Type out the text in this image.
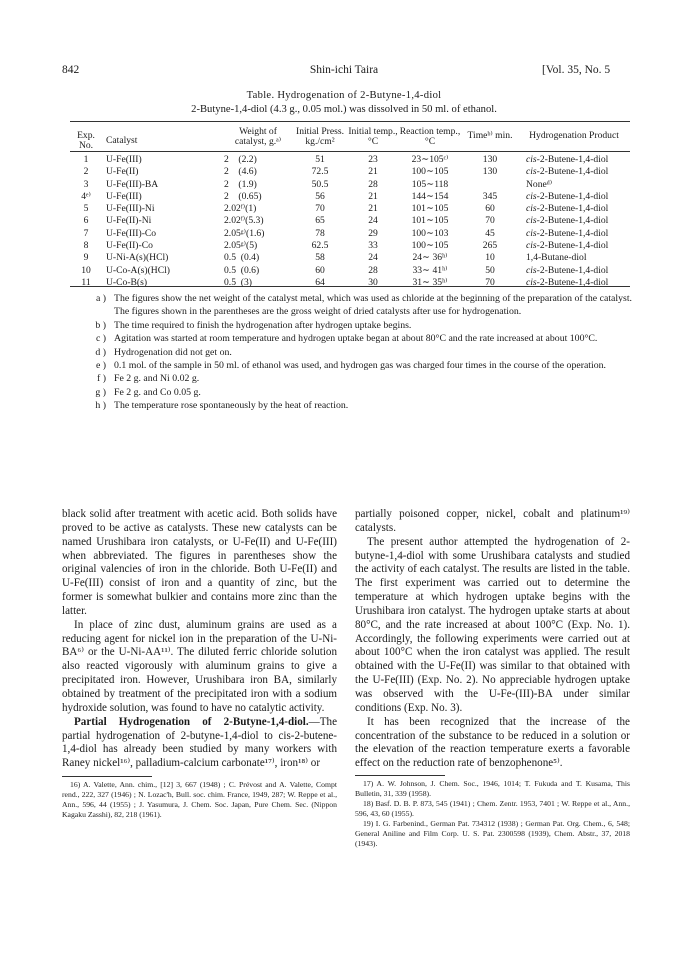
842	Shin-ichi Taira	[Vol. 35, No. 5
Table. Hydrogenation of 2-Butyne-1,4-diol
2-Butyne-1,4-diol (4.3 g., 0.05 mol.) was dissolved in 50 ml. of ethanol.
Exp. No.	Catalyst	Weight of catalyst, g.ᵃ⁾	Initial Press. kg./cm²	Initial temp., °C	Reaction temp., °C	Timeᵇ⁾ min.	Hydrogenation Product

1	U-Fe(III)	2    (2.2)	51	23	23∼105ᶜ⁾	130	cis-2-Butene-1,4-diol
2	U-Fe(II)	2    (4.6)	72.5	21	100∼105	130	cis-2-Butene-1,4-diol
3	U-Fe(III)-BA	2    (1.9)	50.5	28	105∼118		Noneᵈ⁾
4ᵉ⁾	U-Fe(III)	2    (0.65)	56	21	144∼154	345	cis-2-Butene-1,4-diol
5	U-Fe(III)-Ni	2.02ᶠ⁾(1)	70	21	101∼105	60	cis-2-Butene-1,4-diol
6	U-Fe(II)-Ni	2.02ᶠ⁾(5.3)	65	24	101∼105	70	cis-2-Butene-1,4-diol
7	U-Fe(III)-Co	2.05ᵍ⁾(1.6)	78	29	100∼103	45	cis-2-Butene-1,4-diol
8	U-Fe(II)-Co	2.05ᵍ⁾(5)	62.5	33	100∼105	265	cis-2-Butene-1,4-diol
9	U-Ni-A(s)(HCl)	0.5  (0.4)	58	24	24∼ 36ʰ⁾	10	1,4-Butane-diol
10	U-Co-A(s)(HCl)	0.5  (0.6)	60	28	33∼ 41ʰ⁾	50	cis-2-Butene-1,4-diol
11	U-Co-B(s)	0.5  (3)	64	30	31∼ 35ʰ⁾	70	cis-2-Butene-1,4-diol
a ) The figures show the net weight of the catalyst metal, which was used as chloride at the beginning of the preparation of the catalyst. The figures shown in the parentheses are the gross weight of dried catalysts after use for hydrogenation.
b ) The time required to finish the hydrogenation after hydrogen uptake begins.
c ) Agitation was started at room temperature and hydrogen uptake began at about 80°C and the rate increased at about 100°C.
d ) Hydrogenation did not get on.
e ) 0.1 mol. of the sample in 50 ml. of ethanol was used, and hydrogen gas was charged four times in the course of the operation.
f ) Fe 2 g. and Ni 0.02 g.
g ) Fe 2 g. and Co 0.05 g.
h ) The temperature rose spontaneously by the heat of reaction.

black solid after treatment with acetic acid. Both solids have proved to be active as catalysts. These new catalysts can be named Urushibara iron catalysts, or U-Fe(II) and U-Fe(III) when abbreviated. The figures in parentheses show the original valencies of iron in the chloride. Both U-Fe(II) and U-Fe(III) consist of iron and a quantity of zinc, but the former is somewhat bulkier and contains more zinc than the latter.

In place of zinc dust, aluminum grains are used as a reducing agent for nickel ion in the preparation of the U-Ni-BA⁶⁾ or the U-Ni-AA¹¹⁾. The diluted ferric chloride solution also reacted vigorously with aluminum grains to give a precipitated iron. However, Urushibara iron BA, similarly obtained by treatment of the precipitated iron with a sodium hydroxide solution, was found to have no catalytic activity.

Partial Hydrogenation of 2-Butyne-1,4-diol.—The partial hydrogenation of 2-butyne-1,4-diol to cis-2-butene-1,4-diol has already been studied by many workers with Raney nickel¹⁶⁾, palladium-calcium carbonate¹⁷⁾, iron¹⁸⁾ or

16) A. Valette, Ann. chim., [12] 3, 667 (1948) ; C. Prévost and A. Valette, Compt rend., 222, 327 (1946) ; N. Lozac'h, Bull. soc. chim. France, 1949, 287; W. Reppe et al., Ann., 596, 44 (1955) ; J. Yasumura, J. Chem. Soc. Japan, Pure Chem. Sec. (Nippon Kagaku Zasshi), 82, 218 (1961).

partially poisoned copper, nickel, cobalt and platinum¹⁹⁾ catalysts.

The present author attempted the hydrogenation of 2-butyne-1,4-diol with some Urushibara catalysts and studied the activity of each catalyst. The results are listed in the table. The first experiment was carried out to determine the temperature at which hydrogen uptake begins with the Urushibara iron catalyst. The hydrogen uptake starts at about 80°C, and the rate increased at about 100°C (Exp. No. 1). Accordingly, the following experiments were carried out at about 100°C when the iron catalyst was applied. The result obtained with the U-Fe(II) was similar to that obtained with the U-Fe(III) (Exp. No. 2). No appreciable hydrogen uptake was observed with the U-Fe-(III)-BA under similar conditions (Exp. No. 3).

It has been recognized that the increase of the concentration of the substance to be reduced in a solution or the elevation of the reaction temperature exerts a favorable effect on the reduction rate of benzophenone⁵⁾.

17) A. W. Johnson, J. Chem. Soc., 1946, 1014; T. Fukuda and T. Kusama, This Bulletin, 31, 339 (1958).

18) Basf. D. B. P. 873, 545 (1941) ; Chem. Zentr. 1953, 7401 ; W. Reppe et al., Ann., 596, 43, 60 (1955).

19) I. G. Farbenind., German Pat. 734312 (1938) ; German Pat. Org. Chem., 6, 548; General Aniline and Film Corp. U. S. Pat. 2300598 (1939), Chem. Abstr., 37, 2018 (1943).
